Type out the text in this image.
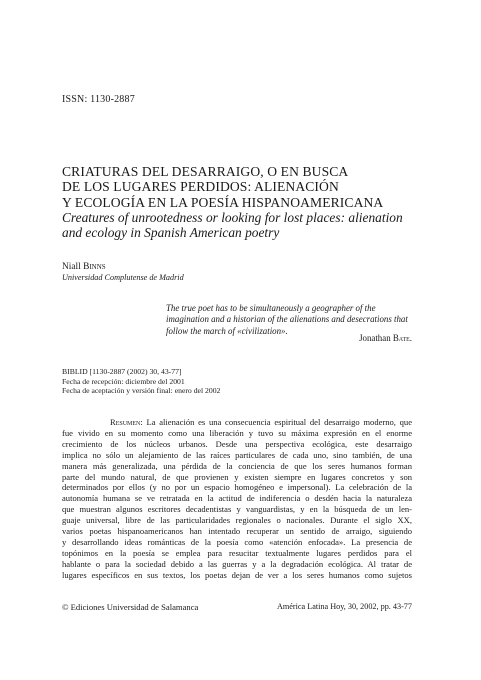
ISSN: 1130-2887
CRIATURAS DEL DESARRAIGO, O EN BUSCA
DE LOS LUGARES PERDIDOS: ALIENACIÓN
Y ECOLOGÍA EN LA POESÍA HISPANOAMERICANA
Creatures of unrootedness or looking for lost places: alienation
and ecology in Spanish American poetry
Niall Binns
Universidad Complutense de Madrid
The true poet has to be simultaneously a geographer of the
imagination and a historian of the alienations and desecrations that
follow the march of «civilization».
Jonathan Bate.
BIBLID [1130-2887 (2002) 30, 43-77]
Fecha de recepción: diciembre del 2001
Fecha de aceptación y versión final: enero del 2002
Resumen: La alienación es una consecuencia espiritual del desarraigo moderno, que
fue vivido en su momento como una liberación y tuvo su máxima expresión en el enorme
crecimiento de los núcleos urbanos. Desde una perspectiva ecológica, este desarraigo
implica no sólo un alejamiento de las raíces particulares de cada uno, sino también, de una
manera más generalizada, una pérdida de la conciencia de que los seres humanos forman
parte del mundo natural, de que provienen y existen siempre en lugares concretos y son
determinados por ellos (y no por un espacio homogéneo e impersonal). La celebración de la
autonomía humana se ve retratada en la actitud de indiferencia o desdén hacia la naturaleza
que muestran algunos escritores decadentistas y vanguardistas, y en la búsqueda de un len-
guaje universal, libre de las particularidades regionales o nacionales. Durante el siglo XX,
varios poetas hispanoamericanos han intentado recuperar un sentido de arraigo, siguiendo
y desarrollando ideas románticas de la poesía como «atención enfocada». La presencia de
topónimos en la poesía se emplea para resucitar textualmente lugares perdidos para el
hablante o para la sociedad debido a las guerras y a la degradación ecológica. Al tratar de
lugares específicos en sus textos, los poetas dejan de ver a los seres humanos como sujetos
© Ediciones Universidad de Salamanca	América Latina Hoy, 30, 2002, pp. 43-77
